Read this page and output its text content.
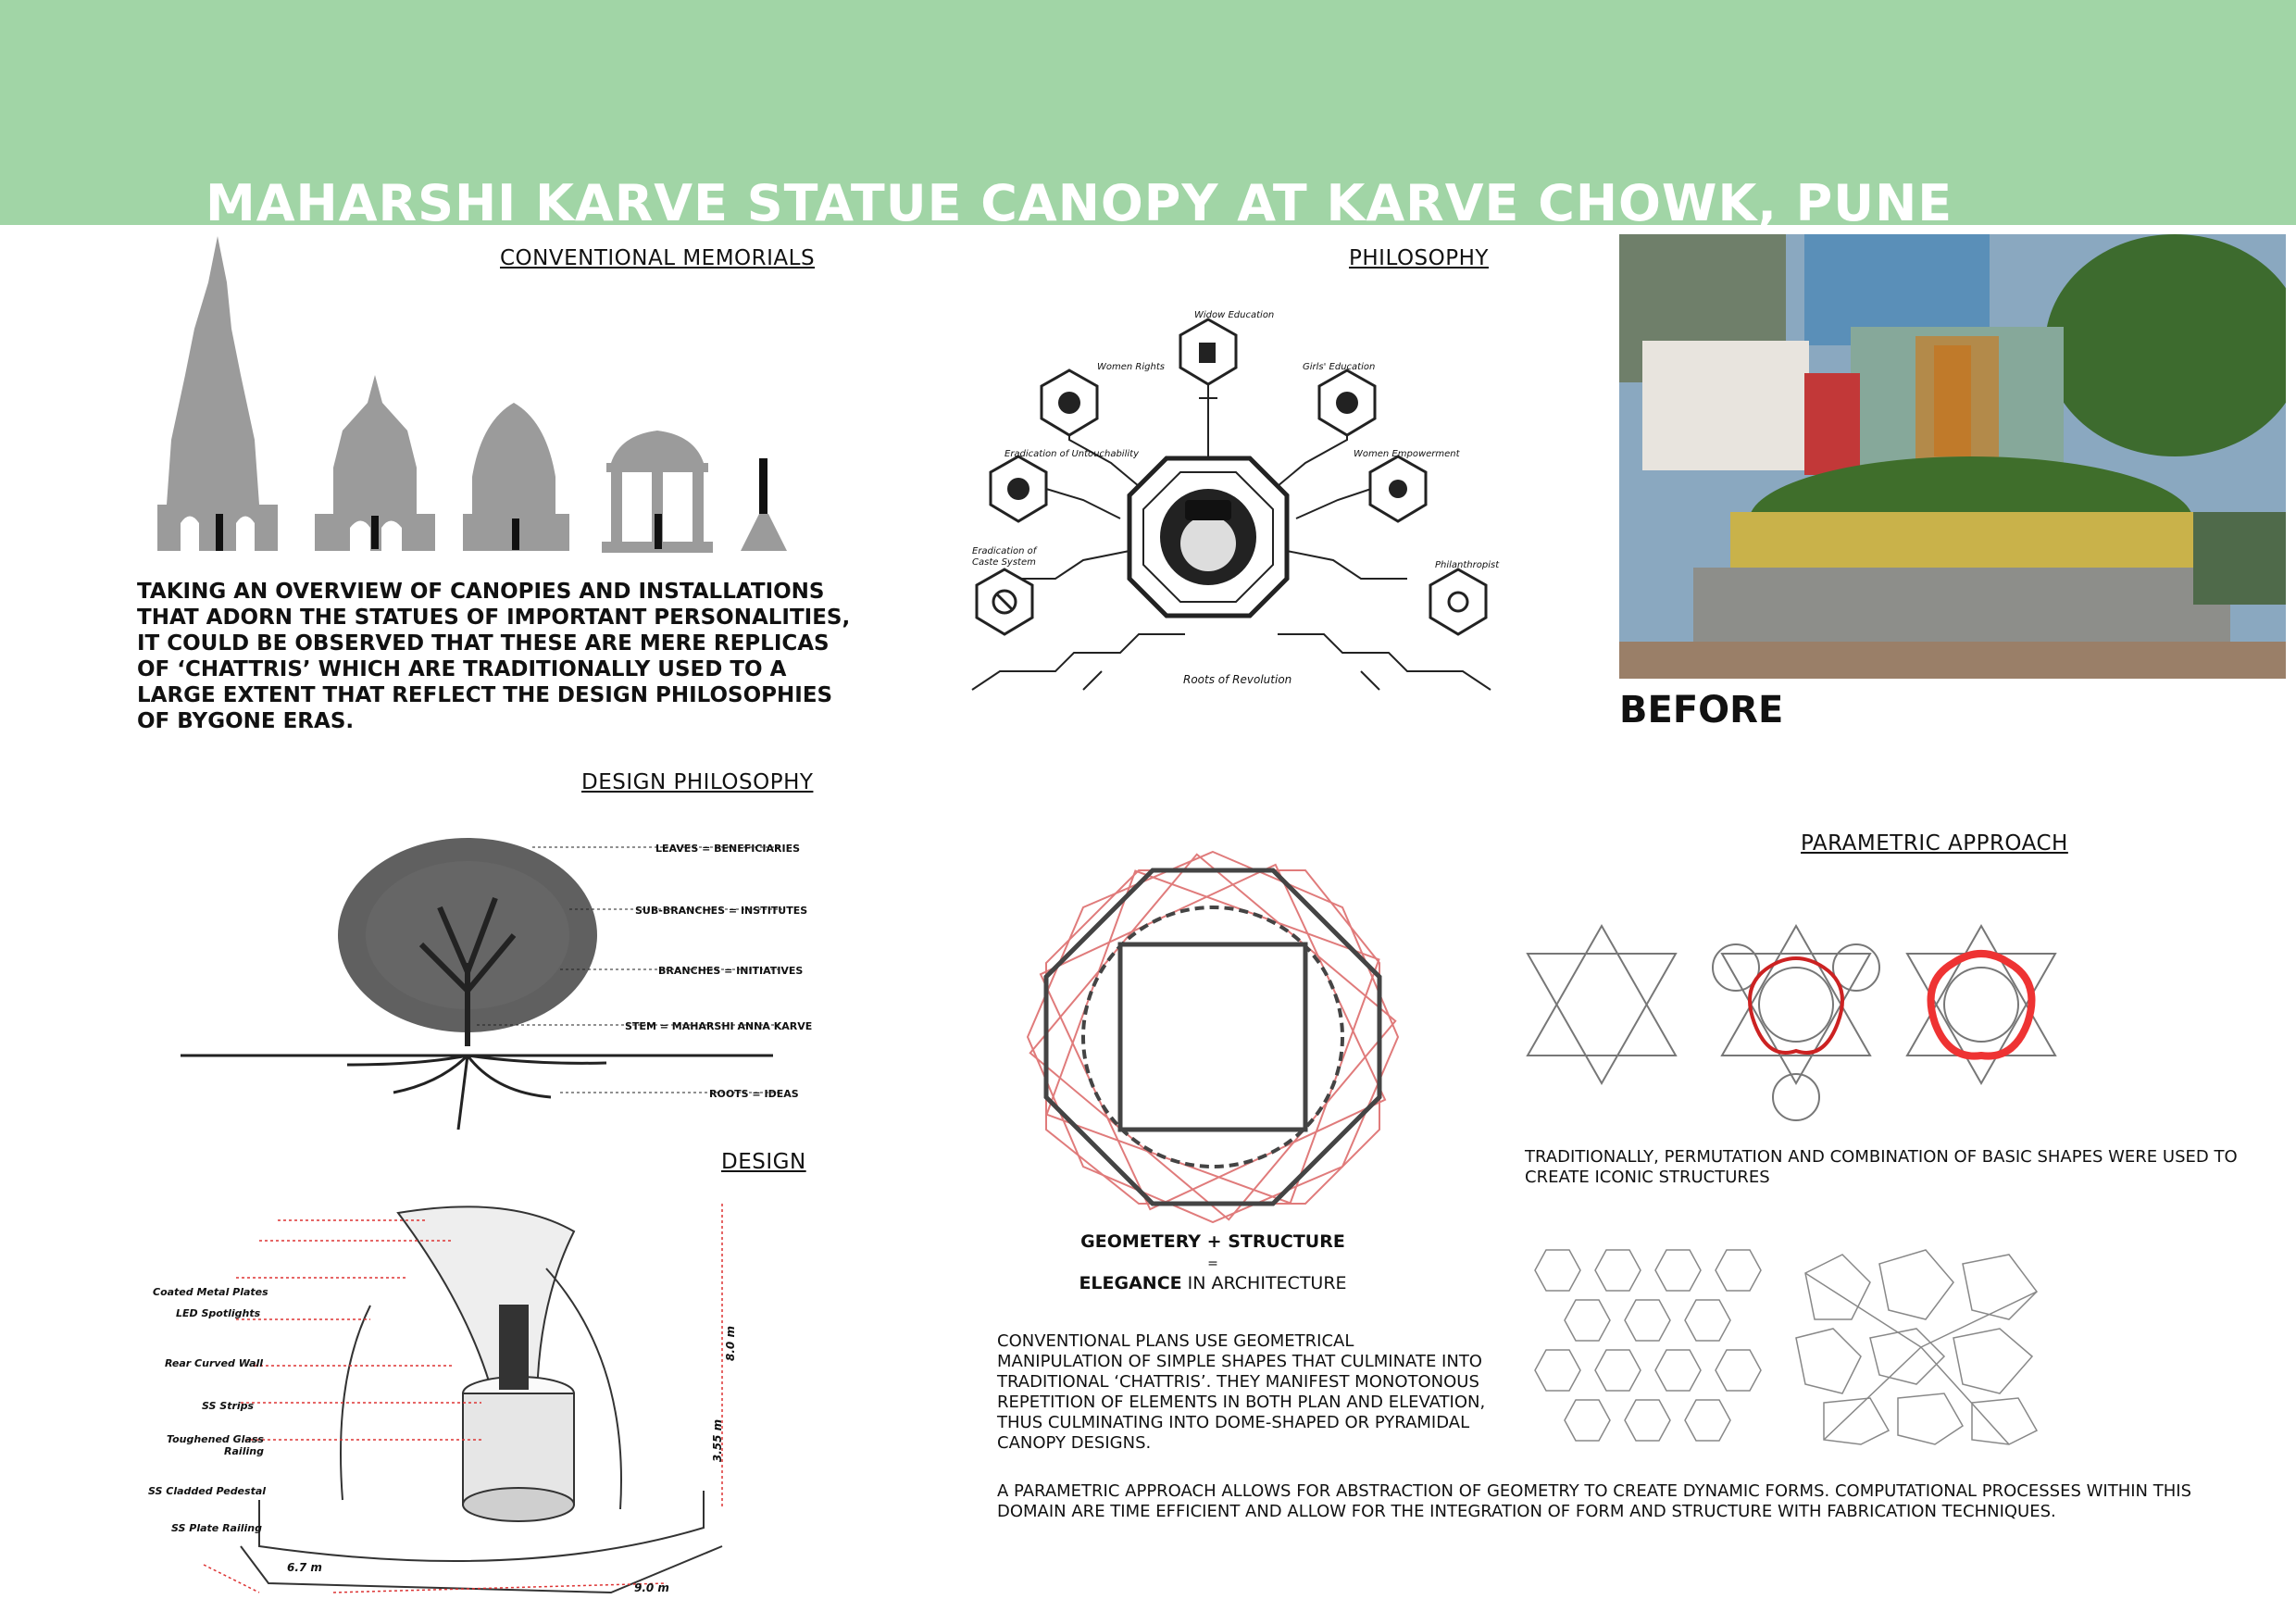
MAHARSHI KARVE STATUE CANOPY AT KARVE CHOWK, PUNE
CONVENTIONAL MEMORIALS
TAKING AN OVERVIEW OF CANOPIES AND INSTALLATIONS
THAT ADORN THE STATUES OF IMPORTANT PERSONALITIES,
IT COULD BE OBSERVED THAT THESE ARE MERE REPLICAS
OF ‘CHATTRIS’ WHICH ARE TRADITIONALLY USED TO A
LARGE EXTENT THAT REFLECT THE DESIGN PHILOSOPHIES
OF BYGONE ERAS.
PHILOSOPHY
Widow Education
Women Rights	Girls' Education
Eradication of Untouchability	Women Empowerment
Eradication of
Caste System	Philanthropist
Roots of Revolution
BEFORE
DESIGN PHILOSOPHY
LEAVES = BENEFICIARIES
SUB-BRANCHES = INSTITUTES
BRANCHES = INITIATIVES
STEM = MAHARSHI ANNA KARVE
ROOTS = IDEAS
DESIGN
Coated Metal Plates
LED Spotlights
Rear Curved Wall
SS Strips
Toughened Glass
Railing
SS Cladded Pedestal
SS Plate Railing
8.0 m
3.55 m
6.7 m
9.0 m
GEOMETERY + STRUCTURE
=
ELEGANCE IN ARCHITECTURE
PARAMETRIC APPROACH
TRADITIONALLY, PERMUTATION AND COMBINATION OF BASIC SHAPES WERE USED TO
CREATE ICONIC STRUCTURES
CONVENTIONAL PLANS USE GEOMETRICAL
MANIPULATION OF SIMPLE SHAPES THAT CULMINATE INTO
TRADITIONAL ‘CHATTRIS’. THEY MANIFEST MONOTONOUS
REPETITION OF ELEMENTS IN BOTH PLAN AND ELEVATION,
THUS CULMINATING INTO DOME-SHAPED OR PYRAMIDAL
CANOPY DESIGNS.
A PARAMETRIC APPROACH ALLOWS FOR ABSTRACTION OF GEOMETRY TO CREATE DYNAMIC FORMS. COMPUTATIONAL PROCESSES WITHIN THIS
DOMAIN ARE TIME EFFICIENT AND ALLOW FOR THE INTEGRATION OF FORM AND STRUCTURE WITH FABRICATION TECHNIQUES.
